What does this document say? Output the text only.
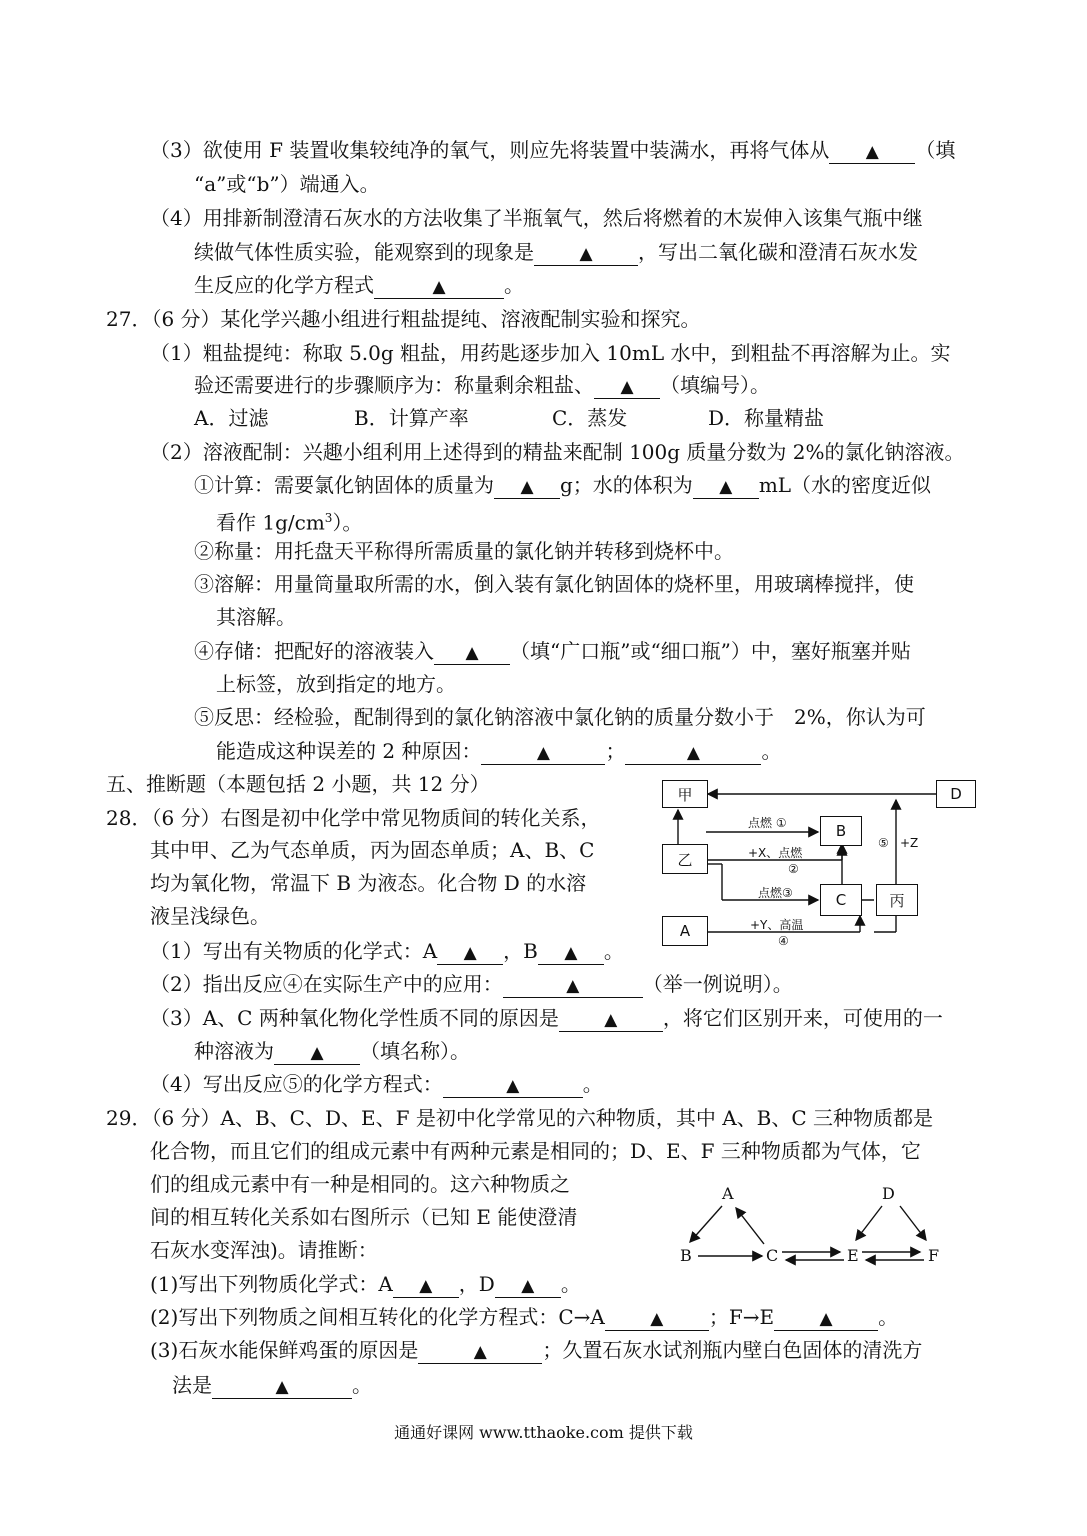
（3）欲使用 F 装置收集较纯净的氧气，则应先将装置中装满水，再将气体从 ▲ （填
“a”或“b”）端通入。
（4）用排新制澄清石灰水的方法收集了半瓶氧气，然后将燃着的木炭伸入该集气瓶中继
续做气体性质实验，能观察到的现象是	▲ ，写出二氧化碳和澄清石灰水发
生反应的化学方程式	▲	。
27．（6 分）某化学兴趣小组进行粗盐提纯、溶液配制实验和探究。
（1）粗盐提纯：称取 5.0g 粗盐，用药匙逐步加入 10mL 水中，到粗盐不再溶解为止。实
验还需要进行的步骤顺序为：称量剩余粗盐、 ▲ （填编号）。
A．过滤	B．计算产率	C．蒸发	D．称量精盐
（2）溶液配制：兴趣小组利用上述得到的精盐来配制 100g 质量分数为 2%的氯化钠溶液。
①计算：需要氯化钠固体的质量为 ▲ g；水的体积为 ▲ mL（水的密度近似
看作 $1g/cm^3$）。
②称量：用托盘天平称得所需质量的氯化钠并转移到烧杯中。
③溶解：用量筒量取所需的水，倒入装有氯化钠固体的烧杯里，用玻璃棒搅拌，使
其溶解。
④存储：把配好的溶液装入 ▲ （填“广口瓶”或“细口瓶”）中，塞好瓶塞并贴
上标签，放到指定的地方。
⑤反思：经检验，配制得到的氯化钠溶液中氯化钠的质量分数小于　2%，你认为可
能造成这种误差的 2 种原因：	▲	；	▲	。
五、推断题（本题包括 2 小题，共 12 分）
28．（6 分）右图是初中化学中常见物质间的转化关系，
其中甲、乙为气态单质，丙为固态单质；A、B、C
均为氧化物，常温下 B 为液态。化合物 D 的水溶
液呈浅绿色。
（1）写出有关物质的化学式：A ▲ ，B ▲ 。
（2）指出反应④在实际生产中的应用：	▲	（举一例说明）。
（3）A、C 两种氧化物化学性质不同的原因是	▲ ，将它们区别开来，可使用的一
种溶液为 ▲ （填名称）。
（4）写出反应⑤的化学方程式：	▲	。
甲	D
乙
B
C	丙
A
点燃 ①
+X、点燃
②
点燃③
+Y、高温
④
⑤ +Z
29．（6 分）A、B、C、D、E、F 是初中化学常见的六种物质，其中 A、B、C 三种物质都是
化合物，而且它们的组成元素中有两种元素是相同的；D、E、F 三种物质都为气体，它
们的组成元素中有一种是相同的。这六种物质之
间的相互转化关系如右图所示（已知 E 能使澄清
石灰水变浑浊)。请推断：
(1)写出下列物质化学式：A ▲ ，D ▲ 。
(2)写出下列物质之间相互转化的化学方程式：C→A	▲ ；F→E	▲ 。
(3)石灰水能保鲜鸡蛋的原因是	▲	；久置石灰水试剂瓶内壁白色固体的清洗方
法是	▲	。
A	D
B	C	E	F
通通好课网 www.tthaoke.com 提供下载
